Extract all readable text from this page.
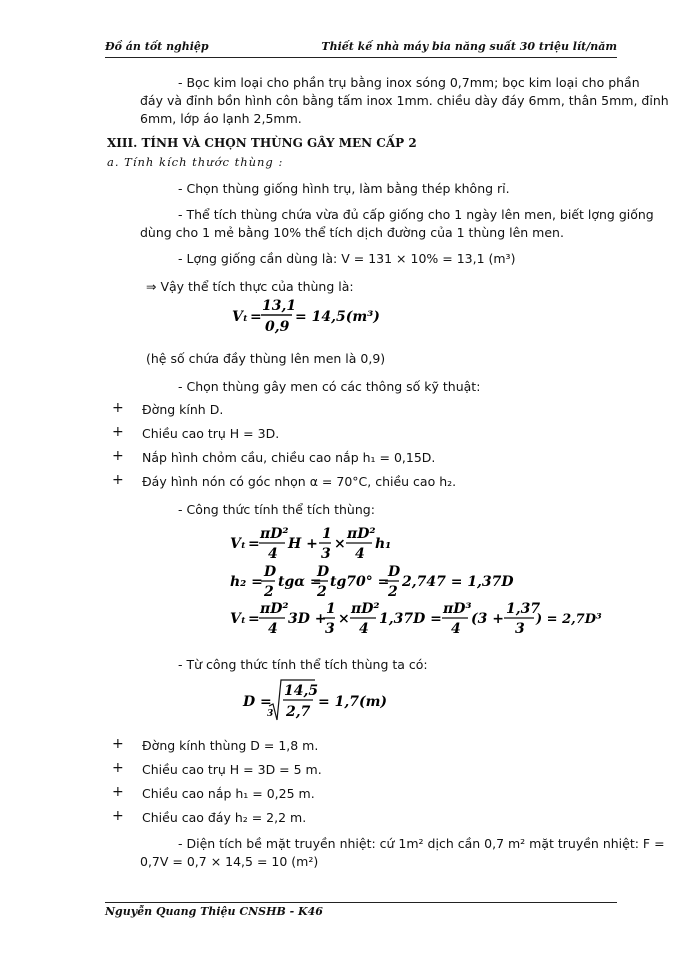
Đồ án tốt nghiệp	Thiết kế nhà máy bia năng suất 30 triệu lít/năm
- Bọc kim loại cho phần trụ bằng inox sóng 0,7mm; bọc kim loại cho phần
đáy và đỉnh bồn hình côn bằng tấm inox 1mm. chiều dày đáy 6mm, thân 5mm, đỉnh
6mm, lớp áo lạnh 2,5mm.
XIII. TÍNH VÀ CHỌN THÙNG GÂY MEN CẤP 2
a. Tính kích thước thùng :
- Chọn thùng giống hình trụ, làm bằng thép không rỉ.
- Thể tích thùng chứa vừa đủ cấp giống cho 1 ngày lên men, biết lợng giống
dùng cho 1 mẻ bằng 10% thể tích dịch đường của 1 thùng lên men.
- Lợng giống cần dùng là: V = 131 × 10% = 13,1 (m³)
⇒ Vậy thể tích thực của thùng là:
Vₜ =
13,1
0,9
= 14,5(m³)
(hệ số chứa đầy thùng lên men là 0,9)
- Chọn thùng gây men có các thông số kỹ thuật:
+ Đờng kính D.
+ Chiều cao trụ H = 3D.
+ Nắp hình chỏm cầu, chiều cao nắp h₁ = 0,15D.
+ Đáy hình nón có góc nhọn α = 70°C, chiều cao h₂.
- Công thức tính thể tích thùng:
Vₜ =
πD²
4
H +
1
3
×
πD²
4
h₁
h₂ =
D
2
tgα =
D
2
tg70° =
D
2
2,747 = 1,37D
Vₜ =
πD²
4
3D +
1
3
×
πD²
4
1,37D =
πD³
4
(3 +
1,37
3
) = 2,7D³
- Từ công thức tính thể tích thùng ta có:
D =
3
14,5
2,7
= 1,7(m)
+ Đờng kính thùng D = 1,8 m.
+ Chiều cao trụ H = 3D = 5 m.
+ Chiều cao nắp h₁ = 0,25 m.
+ Chiều cao đáy h₂ = 2,2 m.
- Diện tích bề mặt truyền nhiệt: cứ 1m² dịch cần 0,7 m² mặt truyền nhiệt: F =
0,7V = 0,7 × 14,5 = 10 (m²)
Nguyễn Quang Thiệu CNSHB - K46
